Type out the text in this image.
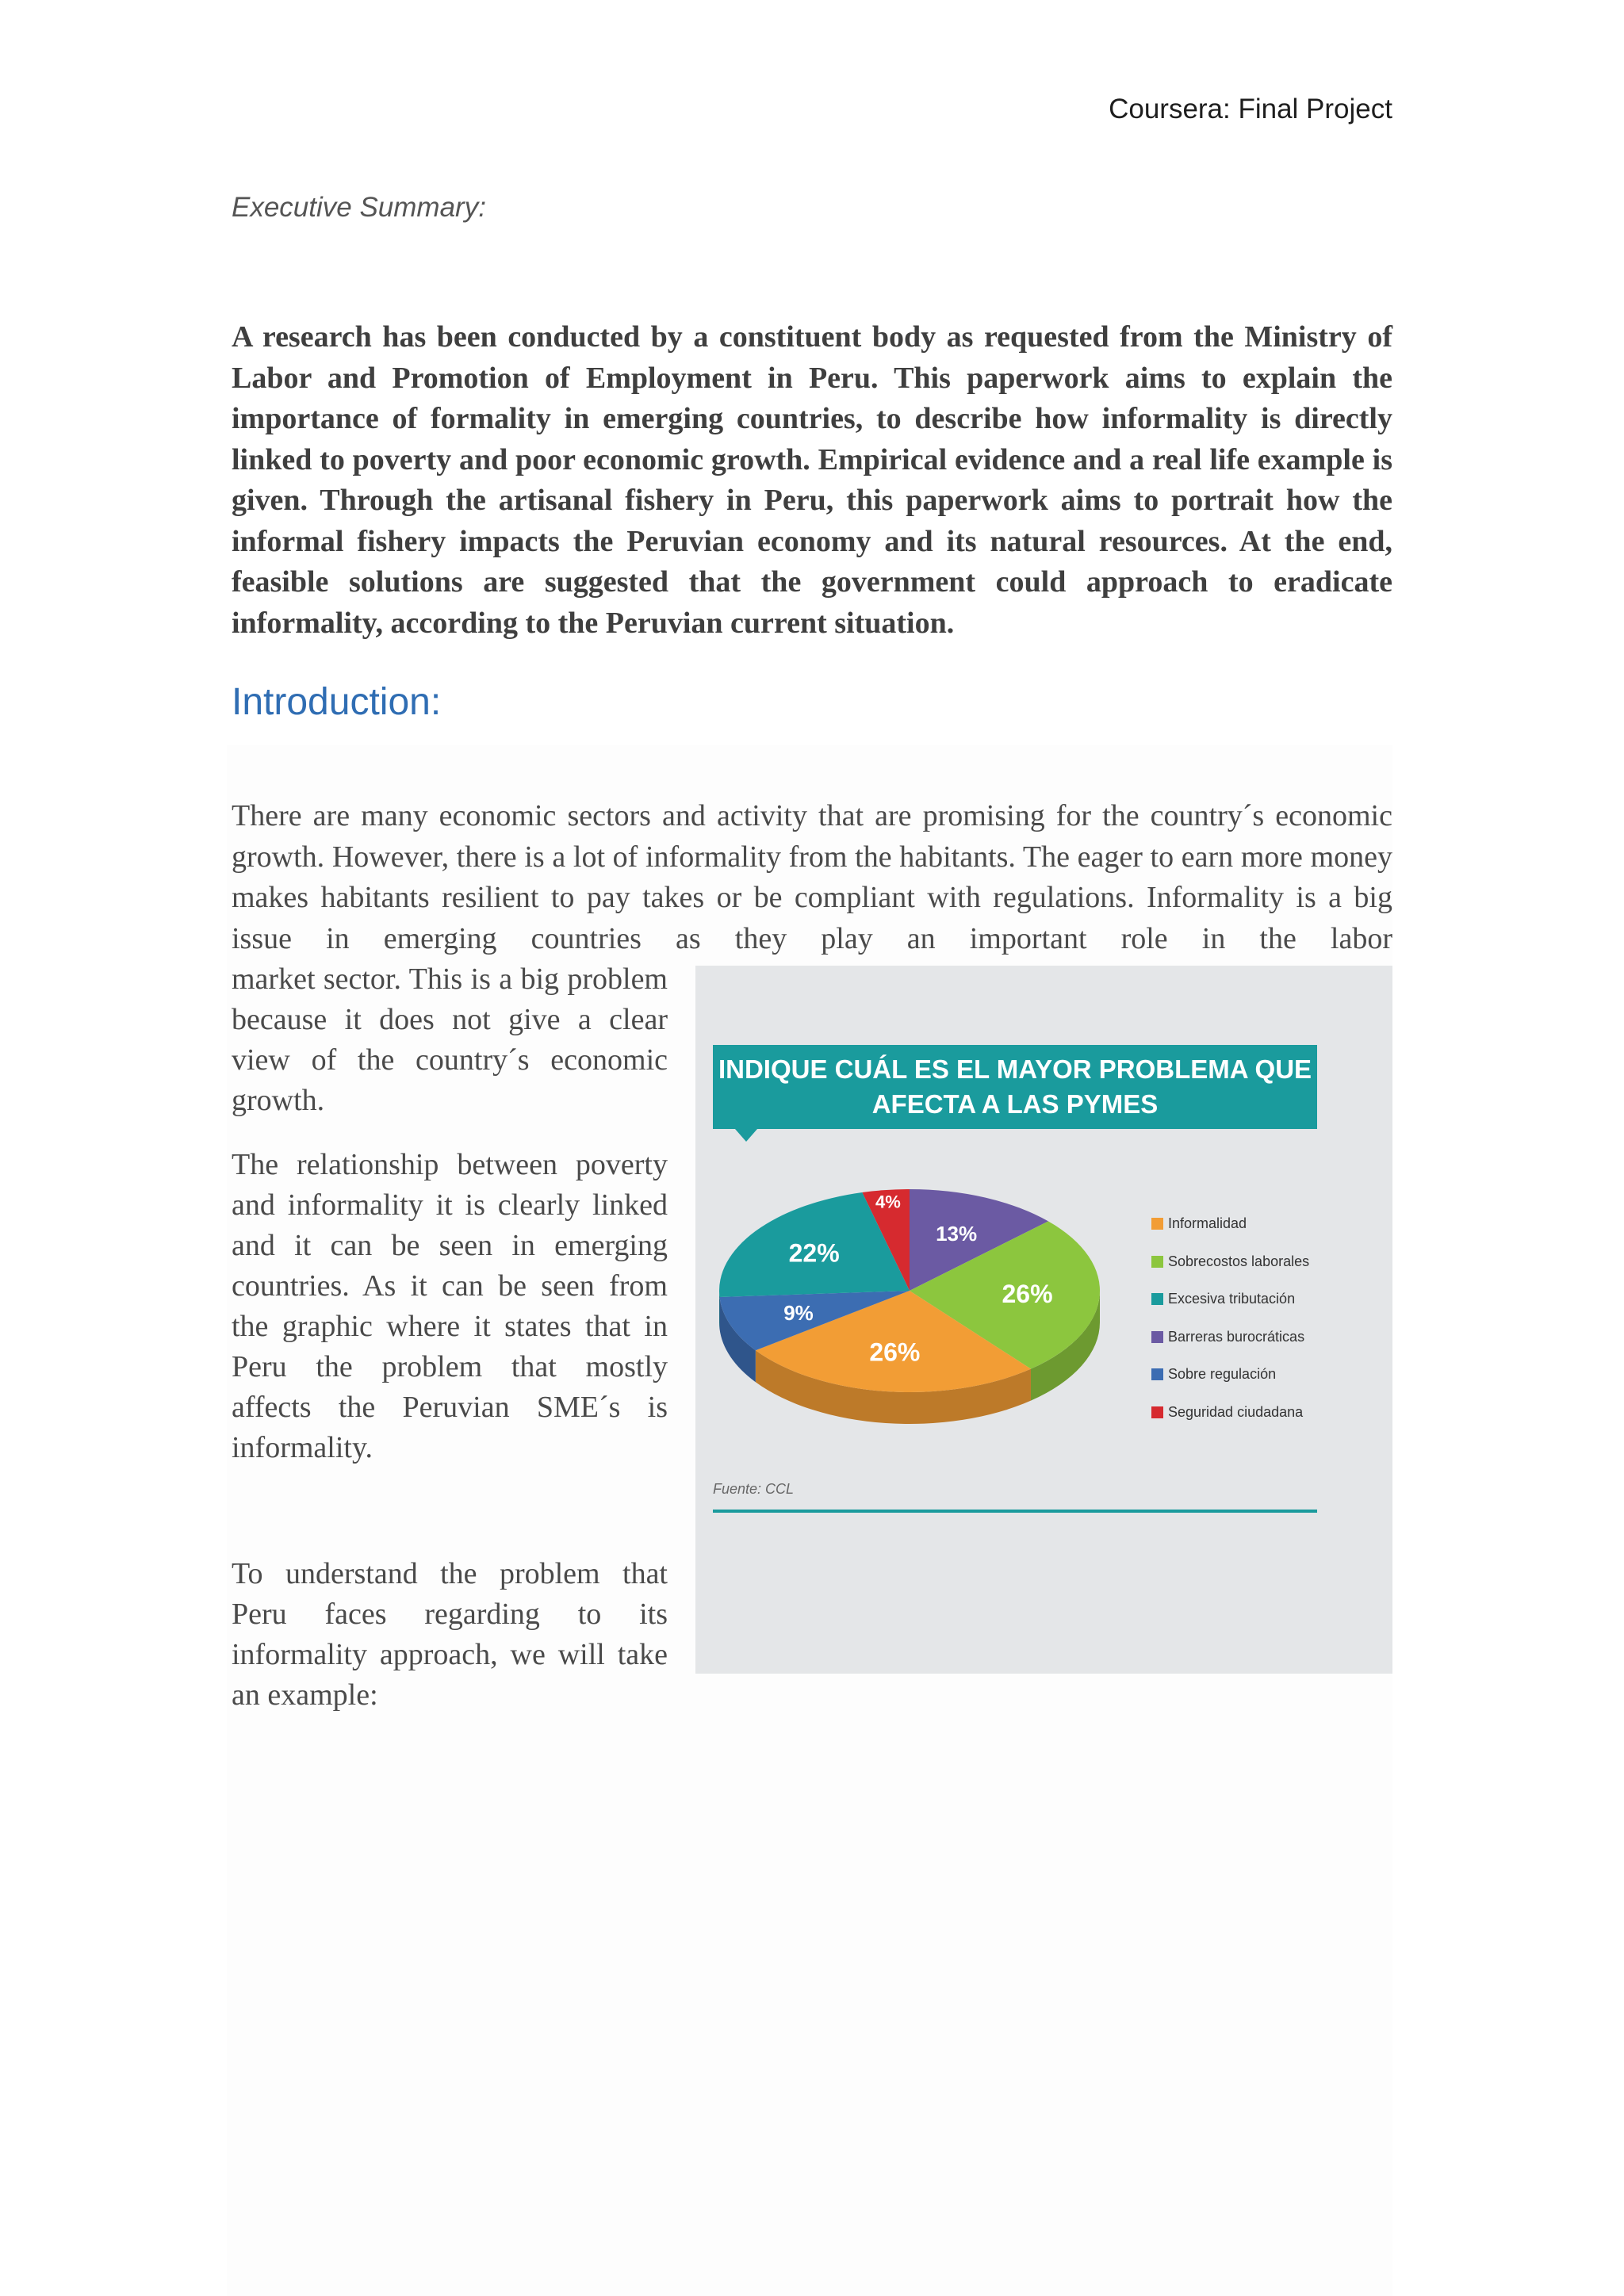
Coursera: Final Project
Executive Summary:
A research has been conducted by a constituent body as requested from the Ministry of Labor and Promotion of Employment in Peru. This paperwork aims to explain the importance of formality in emerging countries, to describe how informality is directly linked to poverty and poor economic growth. Empirical evidence and a real life example is given. Through the artisanal fishery in Peru, this paperwork aims to portrait how the informal fishery impacts the Peruvian economy and its natural resources. At the end, feasible solutions are suggested that the government could approach to eradicate informality, according to the Peruvian current situation.
Introduction:
There are many economic sectors and activity that are promising for the country´s economic growth. However, there is a lot of informality from the habitants. The eager to earn more money makes habitants resilient to pay takes or be compliant with regulations. Informality is a big issue in emerging countries as they play an important role in the labor
market sector. This is a big problem because it does not give a clear view of the country´s economic growth.
The relationship between poverty and informality it is clearly linked and it can be seen in emerging countries. As it can be seen from the graphic where it states that in Peru the problem that mostly affects the Peruvian SME´s is informality.
To understand the problem that Peru faces regarding to its informality approach, we will take an example:
INDIQUE CUÁL ES EL MAYOR PROBLEMA QUE
AFECTA A LAS PYMES
4%
13%
26%
26%
9%
22%
Informalidad
Sobrecostos laborales
Excesiva tributación
Barreras burocráticas
Sobre regulación
Seguridad ciudadana
Fuente: CCL
